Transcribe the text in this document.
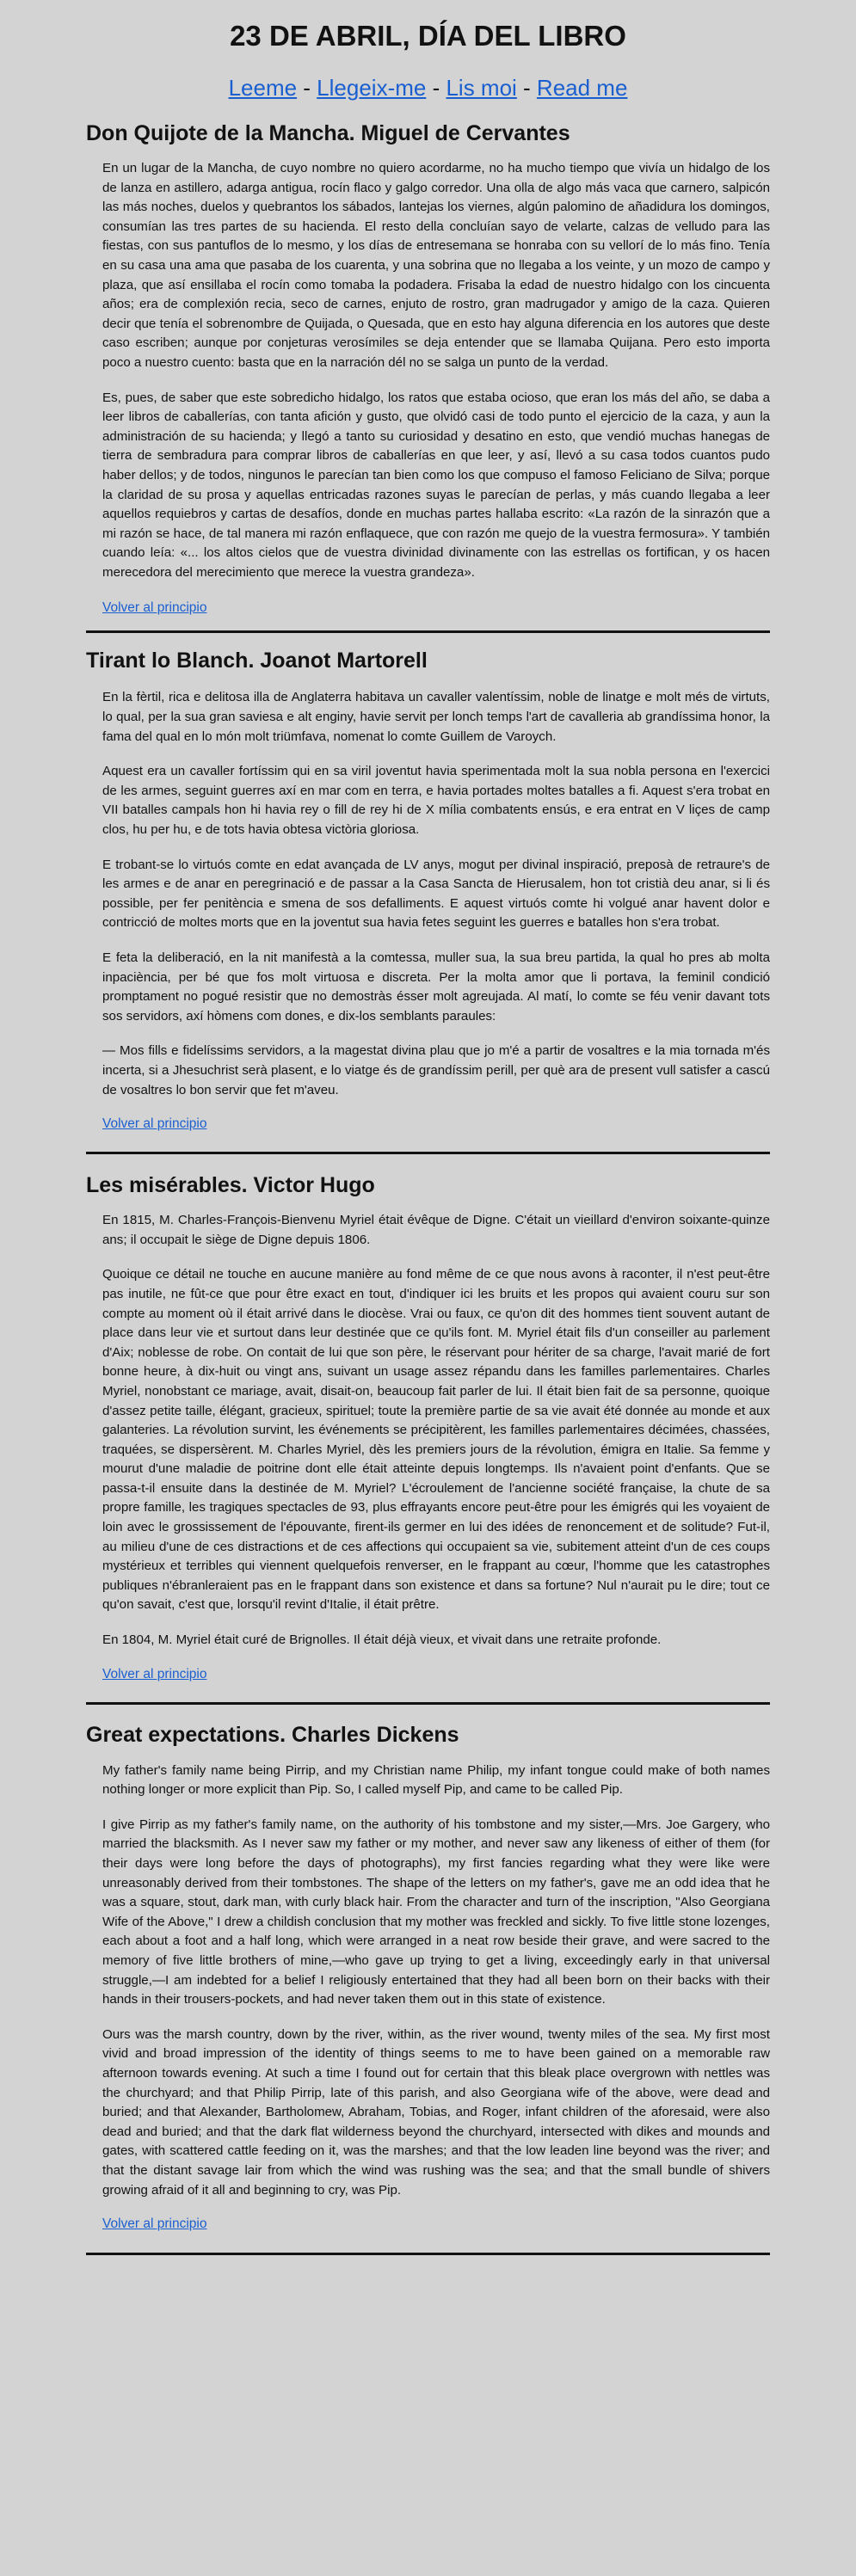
23 DE ABRIL, DÍA DEL LIBRO
Leeme - Llegeix-me - Lis moi - Read me
Don Quijote de la Mancha. Miguel de Cervantes

En un lugar de la Mancha, de cuyo nombre no quiero acordarme, no ha mucho tiempo que vivía un hidalgo de los de lanza en astillero, adarga antigua, rocín flaco y galgo corredor. Una olla de algo más vaca que carnero, salpicón las más noches, duelos y quebrantos los sábados, lantejas los viernes, algún palomino de añadidura los domingos, consumían las tres partes de su hacienda. El resto della concluían sayo de velarte, calzas de velludo para las fiestas, con sus pantuflos de lo mesmo, y los días de entresemana se honraba con su vellorí de lo más fino. Tenía en su casa una ama que pasaba de los cuarenta, y una sobrina que no llegaba a los veinte, y un mozo de campo y plaza, que así ensillaba el rocín como tomaba la podadera. Frisaba la edad de nuestro hidalgo con los cincuenta años; era de complexión recia, seco de carnes, enjuto de rostro, gran madrugador y amigo de la caza. Quieren decir que tenía el sobrenombre de Quijada, o Quesada, que en esto hay alguna diferencia en los autores que deste caso escriben; aunque por conjeturas verosímiles se deja entender que se llamaba Quijana. Pero esto importa poco a nuestro cuento: basta que en la narración dél no se salga un punto de la verdad.

Es, pues, de saber que este sobredicho hidalgo, los ratos que estaba ocioso, que eran los más del año, se daba a leer libros de caballerías, con tanta afición y gusto, que olvidó casi de todo punto el ejercicio de la caza, y aun la administración de su hacienda; y llegó a tanto su curiosidad y desatino en esto, que vendió muchas hanegas de tierra de sembradura para comprar libros de caballerías en que leer, y así, llevó a su casa todos cuantos pudo haber dellos; y de todos, ningunos le parecían tan bien como los que compuso el famoso Feliciano de Silva; porque la claridad de su prosa y aquellas entricadas razones suyas le parecían de perlas, y más cuando llegaba a leer aquellos requiebros y cartas de desafíos, donde en muchas partes hallaba escrito: «La razón de la sinrazón que a mi razón se hace, de tal manera mi razón enflaquece, que con razón me quejo de la vuestra fermosura». Y también cuando leía: «... los altos cielos que de vuestra divinidad divinamente con las estrellas os fortifican, y os hacen merecedora del merecimiento que merece la vuestra grandeza».

Volver al principio
Tirant lo Blanch. Joanot Martorell

En la fèrtil, rica e delitosa illa de Anglaterra habitava un cavaller valentíssim, noble de linatge e molt més de virtuts, lo qual, per la sua gran saviesa e alt enginy, havie servit per lonch temps l'art de cavalleria ab grandíssima honor, la fama del qual en lo món molt triümfava, nomenat lo comte Guillem de Varoych.

Aquest era un cavaller fortíssim qui en sa viril joventut havia sperimentada molt la sua nobla persona en l'exercici de les armes, seguint guerres axí en mar com en terra, e havia portades moltes batalles a fi. Aquest s'era trobat en VII batalles campals hon hi havia rey o fill de rey hi de X mília combatents ensús, e era entrat en V liçes de camp clos, hu per hu, e de tots havia obtesa victòria gloriosa.

E trobant-se lo virtuós comte en edat avançada de LV anys, mogut per divinal inspiració, preposà de retraure's de les armes e de anar en peregrinació e de passar a la Casa Sancta de Hierusalem, hon tot cristià deu anar, si li és possible, per fer penitència e smena de sos defalliments. E aquest virtuós comte hi volgué anar havent dolor e contricció de moltes morts que en la joventut sua havia fetes seguint les guerres e batalles hon s'era trobat.

E feta la deliberació, en la nit manifestà a la comtessa, muller sua, la sua breu partida, la qual ho pres ab molta inpaciència, per bé que fos molt virtuosa e discreta. Per la molta amor que li portava, la feminil condició promptament no pogué resistir que no demostràs ésser molt agreujada. Al matí, lo comte se féu venir davant tots sos servidors, axí hòmens com dones, e dix-los semblants paraules:

— Mos fills e fidelíssims servidors, a la magestat divina plau que jo m'é a partir de vosaltres e la mia tornada m'és incerta, si a Jhesuchrist serà plasent, e lo viatge és de grandíssim perill, per què ara de present vull satisfer a cascú de vosaltres lo bon servir que fet m'aveu.

Volver al principio
Les misérables. Victor Hugo

En 1815, M. Charles-François-Bienvenu Myriel était évêque de Digne. C'était un vieillard d'environ soixante-quinze ans; il occupait le siège de Digne depuis 1806.

Quoique ce détail ne touche en aucune manière au fond même de ce que nous avons à raconter, il n'est peut-être pas inutile, ne fût-ce que pour être exact en tout, d'indiquer ici les bruits et les propos qui avaient couru sur son compte au moment où il était arrivé dans le diocèse. Vrai ou faux, ce qu'on dit des hommes tient souvent autant de place dans leur vie et surtout dans leur destinée que ce qu'ils font. M. Myriel était fils d'un conseiller au parlement d'Aix; noblesse de robe. On contait de lui que son père, le réservant pour hériter de sa charge, l'avait marié de fort bonne heure, à dix-huit ou vingt ans, suivant un usage assez répandu dans les familles parlementaires. Charles Myriel, nonobstant ce mariage, avait, disait-on, beaucoup fait parler de lui. Il était bien fait de sa personne, quoique d'assez petite taille, élégant, gracieux, spirituel; toute la première partie de sa vie avait été donnée au monde et aux galanteries. La révolution survint, les événements se précipitèrent, les familles parlementaires décimées, chassées, traquées, se dispersèrent. M. Charles Myriel, dès les premiers jours de la révolution, émigra en Italie. Sa femme y mourut d'une maladie de poitrine dont elle était atteinte depuis longtemps. Ils n'avaient point d'enfants. Que se passa-t-il ensuite dans la destinée de M. Myriel? L'écroulement de l'ancienne société française, la chute de sa propre famille, les tragiques spectacles de 93, plus effrayants encore peut-être pour les émigrés qui les voyaient de loin avec le grossissement de l'épouvante, firent-ils germer en lui des idées de renoncement et de solitude? Fut-il, au milieu d'une de ces distractions et de ces affections qui occupaient sa vie, subitement atteint d'un de ces coups mystérieux et terribles qui viennent quelquefois renverser, en le frappant au cœur, l'homme que les catastrophes publiques n'ébranleraient pas en le frappant dans son existence et dans sa fortune? Nul n'aurait pu le dire; tout ce qu'on savait, c'est que, lorsqu'il revint d'Italie, il était prêtre.

En 1804, M. Myriel était curé de Brignolles. Il était déjà vieux, et vivait dans une retraite profonde.

Volver al principio
Great expectations. Charles Dickens

My father's family name being Pirrip, and my Christian name Philip, my infant tongue could make of both names nothing longer or more explicit than Pip. So, I called myself Pip, and came to be called Pip.

I give Pirrip as my father's family name, on the authority of his tombstone and my sister,—Mrs. Joe Gargery, who married the blacksmith. As I never saw my father or my mother, and never saw any likeness of either of them (for their days were long before the days of photographs), my first fancies regarding what they were like were unreasonably derived from their tombstones. The shape of the letters on my father's, gave me an odd idea that he was a square, stout, dark man, with curly black hair. From the character and turn of the inscription, "Also Georgiana Wife of the Above," I drew a childish conclusion that my mother was freckled and sickly. To five little stone lozenges, each about a foot and a half long, which were arranged in a neat row beside their grave, and were sacred to the memory of five little brothers of mine,—who gave up trying to get a living, exceedingly early in that universal struggle,—I am indebted for a belief I religiously entertained that they had all been born on their backs with their hands in their trousers-pockets, and had never taken them out in this state of existence.

Ours was the marsh country, down by the river, within, as the river wound, twenty miles of the sea. My first most vivid and broad impression of the identity of things seems to me to have been gained on a memorable raw afternoon towards evening. At such a time I found out for certain that this bleak place overgrown with nettles was the churchyard; and that Philip Pirrip, late of this parish, and also Georgiana wife of the above, were dead and buried; and that Alexander, Bartholomew, Abraham, Tobias, and Roger, infant children of the aforesaid, were also dead and buried; and that the dark flat wilderness beyond the churchyard, intersected with dikes and mounds and gates, with scattered cattle feeding on it, was the marshes; and that the low leaden line beyond was the river; and that the distant savage lair from which the wind was rushing was the sea; and that the small bundle of shivers growing afraid of it all and beginning to cry, was Pip.

Volver al principio
